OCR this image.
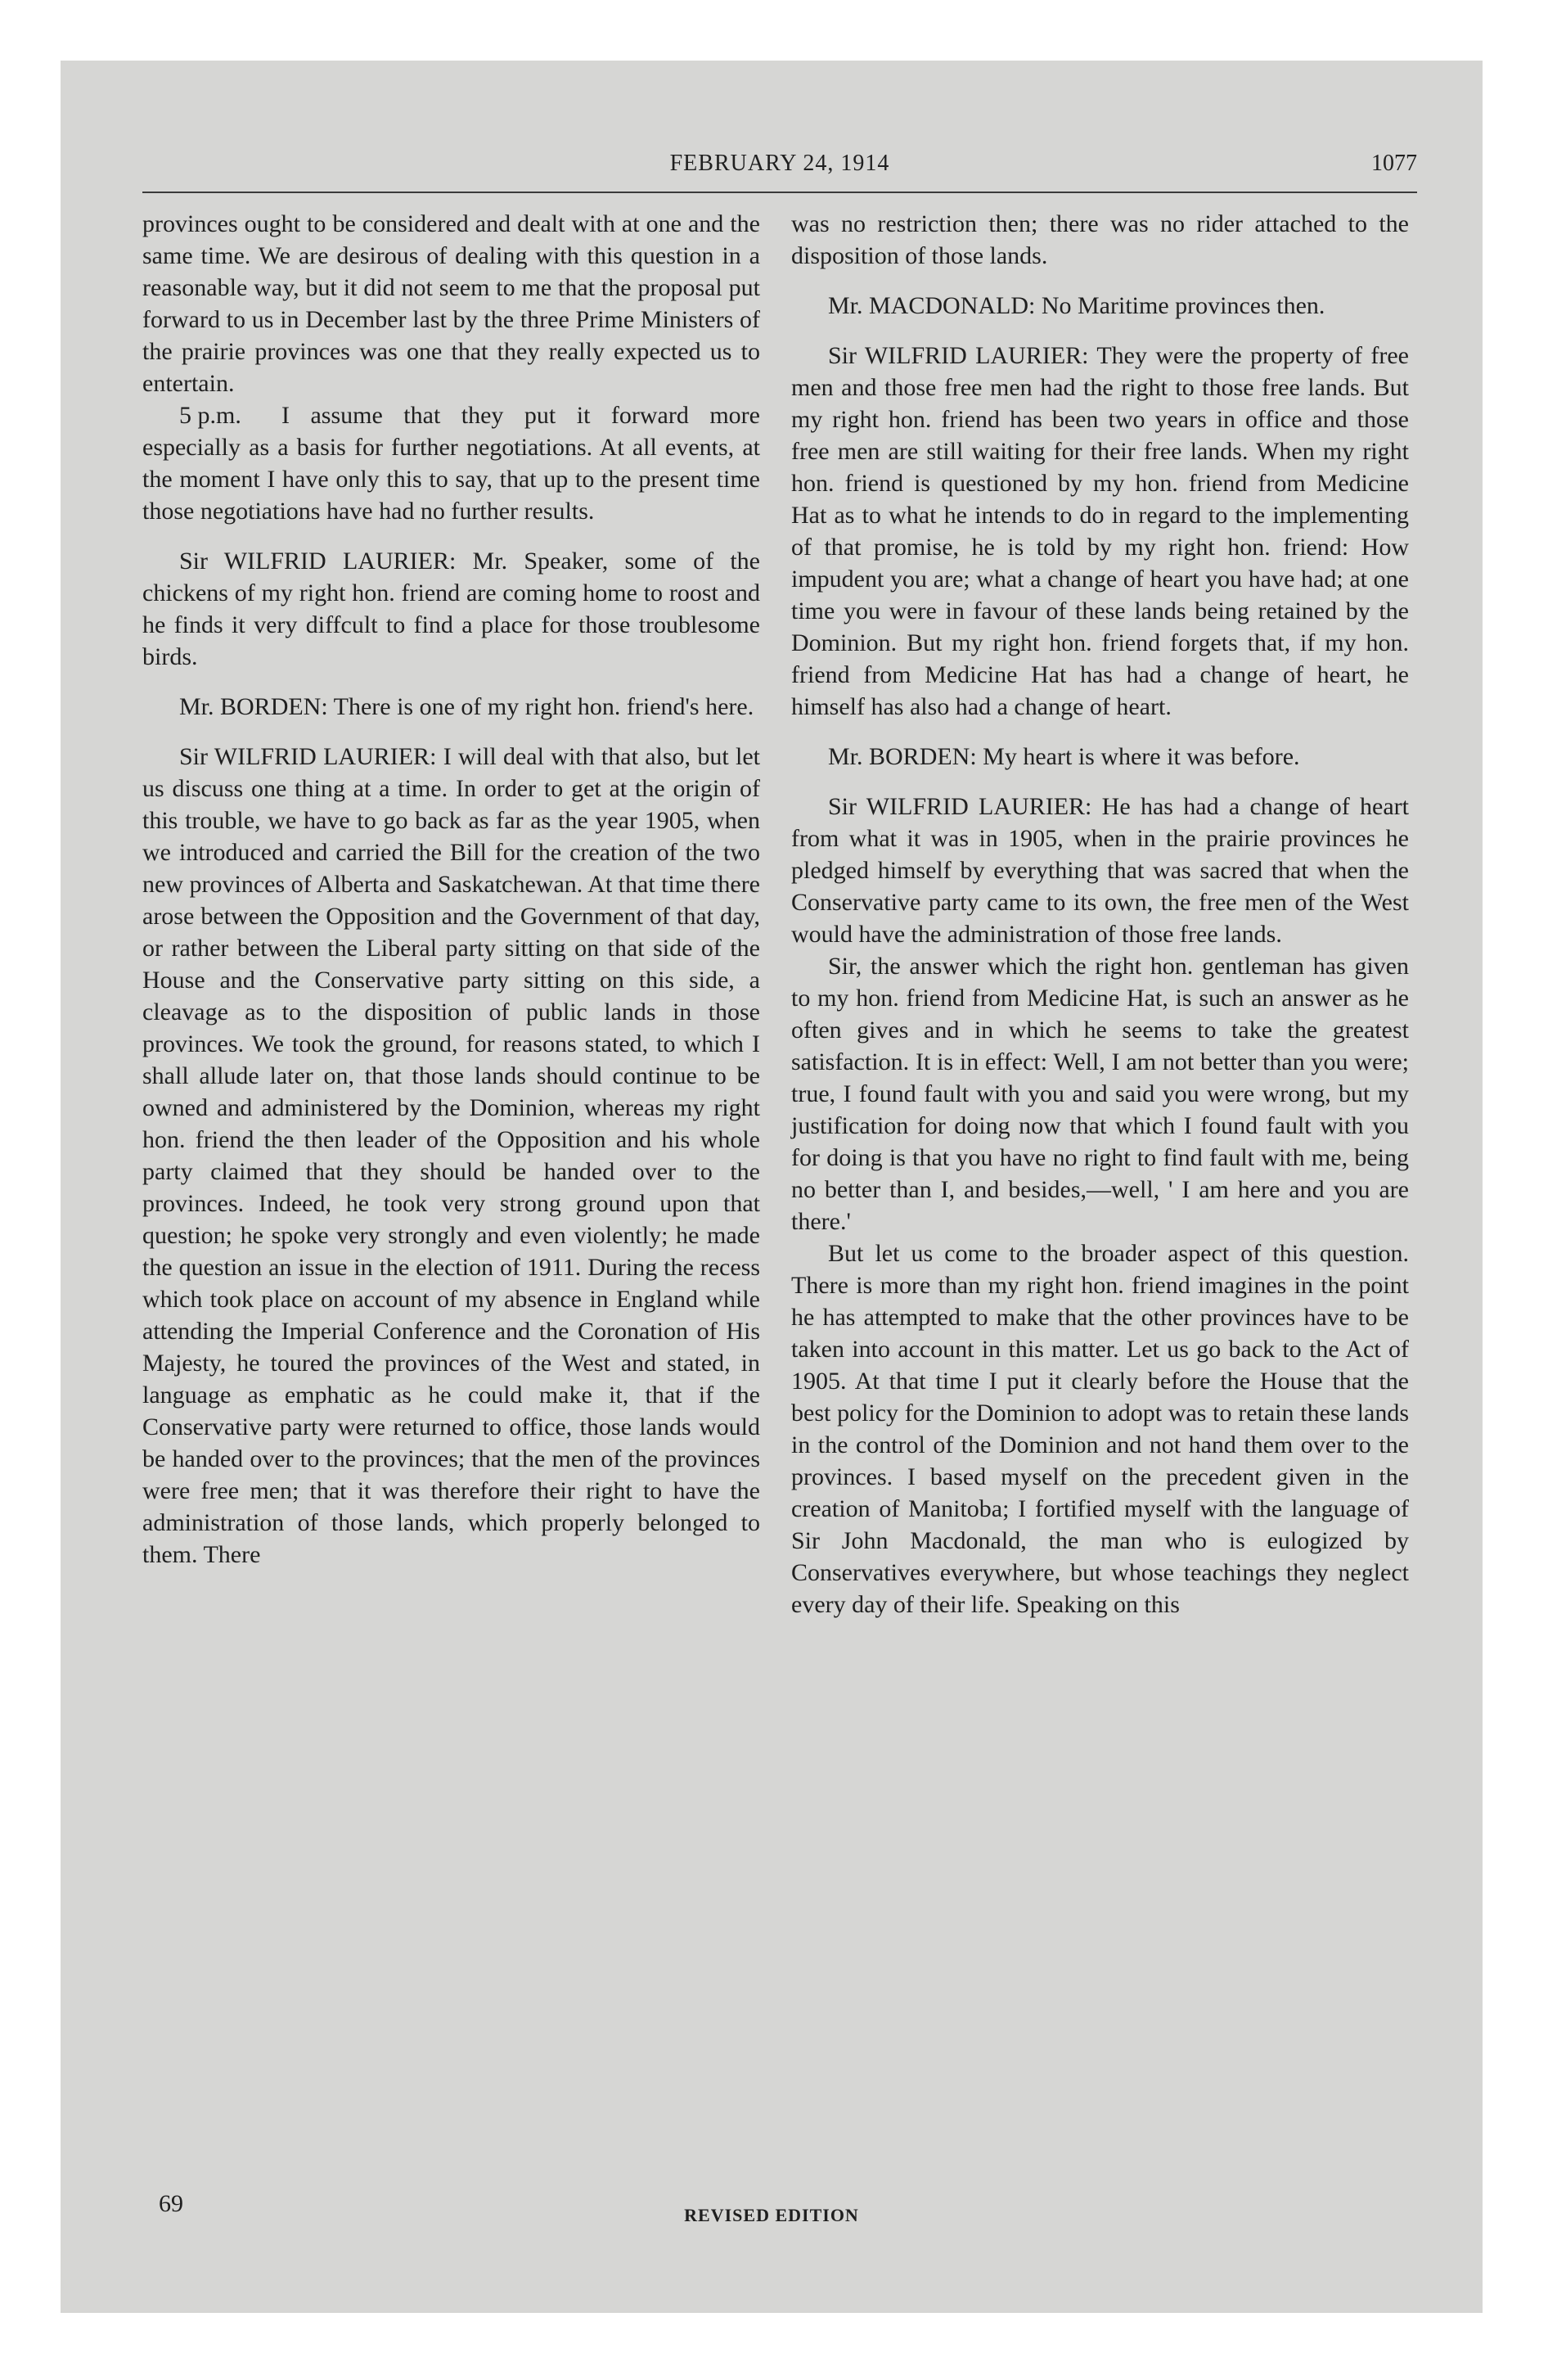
FEBRUARY 24, 1914	1077

provinces ought to be considered and dealt with at one and the same time. We are desirous of dealing with this question in a reasonable way, but it did not seem to me that the proposal put forward to us in December last by the three Prime Ministers of the prairie provinces was one that they really expected us to entertain.

5 p.m.	I assume that they put it forward more especially as a basis for further negotiations. At all events, at the moment I have only this to say, that up to the present time those negotiations have had no further results.

Sir WILFRID LAURIER: Mr. Speaker, some of the chickens of my right hon. friend are coming home to roost and he finds it very diffcult to find a place for those troublesome birds.

Mr. BORDEN: There is one of my right hon. friend's here.

Sir WILFRID LAURIER: I will deal with that also, but let us discuss one thing at a time. In order to get at the origin of this trouble, we have to go back as far as the year 1905, when we introduced and carried the Bill for the creation of the two new provinces of Alberta and Saskatchewan. At that time there arose between the Opposition and the Government of that day, or rather between the Liberal party sitting on that side of the House and the Conservative party sitting on this side, a cleavage as to the disposition of public lands in those provinces. We took the ground, for reasons stated, to which I shall allude later on, that those lands should continue to be owned and administered by the Dominion, whereas my right hon. friend the then leader of the Opposition and his whole party claimed that they should be handed over to the provinces. Indeed, he took very strong ground upon that question; he spoke very strongly and even violently; he made the question an issue in the election of 1911. During the recess which took place on account of my absence in England while attending the Imperial Conference and the Coronation of His Majesty, he toured the provinces of the West and stated, in language as emphatic as he could make it, that if the Conservative party were returned to office, those lands would be handed over to the provinces; that the men of the provinces were free men; that it was therefore their right to have the administration of those lands, which properly belonged to them. There

was no restriction then; there was no rider attached to the disposition of those lands.

Mr. MACDONALD: No Maritime provinces then.

Sir WILFRID LAURIER: They were the property of free men and those free men had the right to those free lands. But my right hon. friend has been two years in office and those free men are still waiting for their free lands. When my right hon. friend is questioned by my hon. friend from Medicine Hat as to what he intends to do in regard to the implementing of that promise, he is told by my right hon. friend: How impudent you are; what a change of heart you have had; at one time you were in favour of these lands being retained by the Dominion. But my right hon. friend forgets that, if my hon. friend from Medicine Hat has had a change of heart, he himself has also had a change of heart.

Mr. BORDEN: My heart is where it was before.

Sir WILFRID LAURIER: He has had a change of heart from what it was in 1905, when in the prairie provinces he pledged himself by everything that was sacred that when the Conservative party came to its own, the free men of the West would have the administration of those free lands.

Sir, the answer which the right hon. gentleman has given to my hon. friend from Medicine Hat, is such an answer as he often gives and in which he seems to take the greatest satisfaction. It is in effect: Well, I am not better than you were; true, I found fault with you and said you were wrong, but my justification for doing now that which I found fault with you for doing is that you have no right to find fault with me, being no better than I, and besides,—well, ' I am here and you are there.'

But let us come to the broader aspect of this question. There is more than my right hon. friend imagines in the point he has attempted to make that the other provinces have to be taken into account in this matter. Let us go back to the Act of 1905. At that time I put it clearly before the House that the best policy for the Dominion to adopt was to retain these lands in the control of the Dominion and not hand them over to the provinces. I based myself on the precedent given in the creation of Manitoba; I fortified myself with the language of Sir John Macdonald, the man who is eulogized by Conservatives everywhere, but whose teachings they neglect every day of their life. Speaking on this

69	REVISED EDITION
